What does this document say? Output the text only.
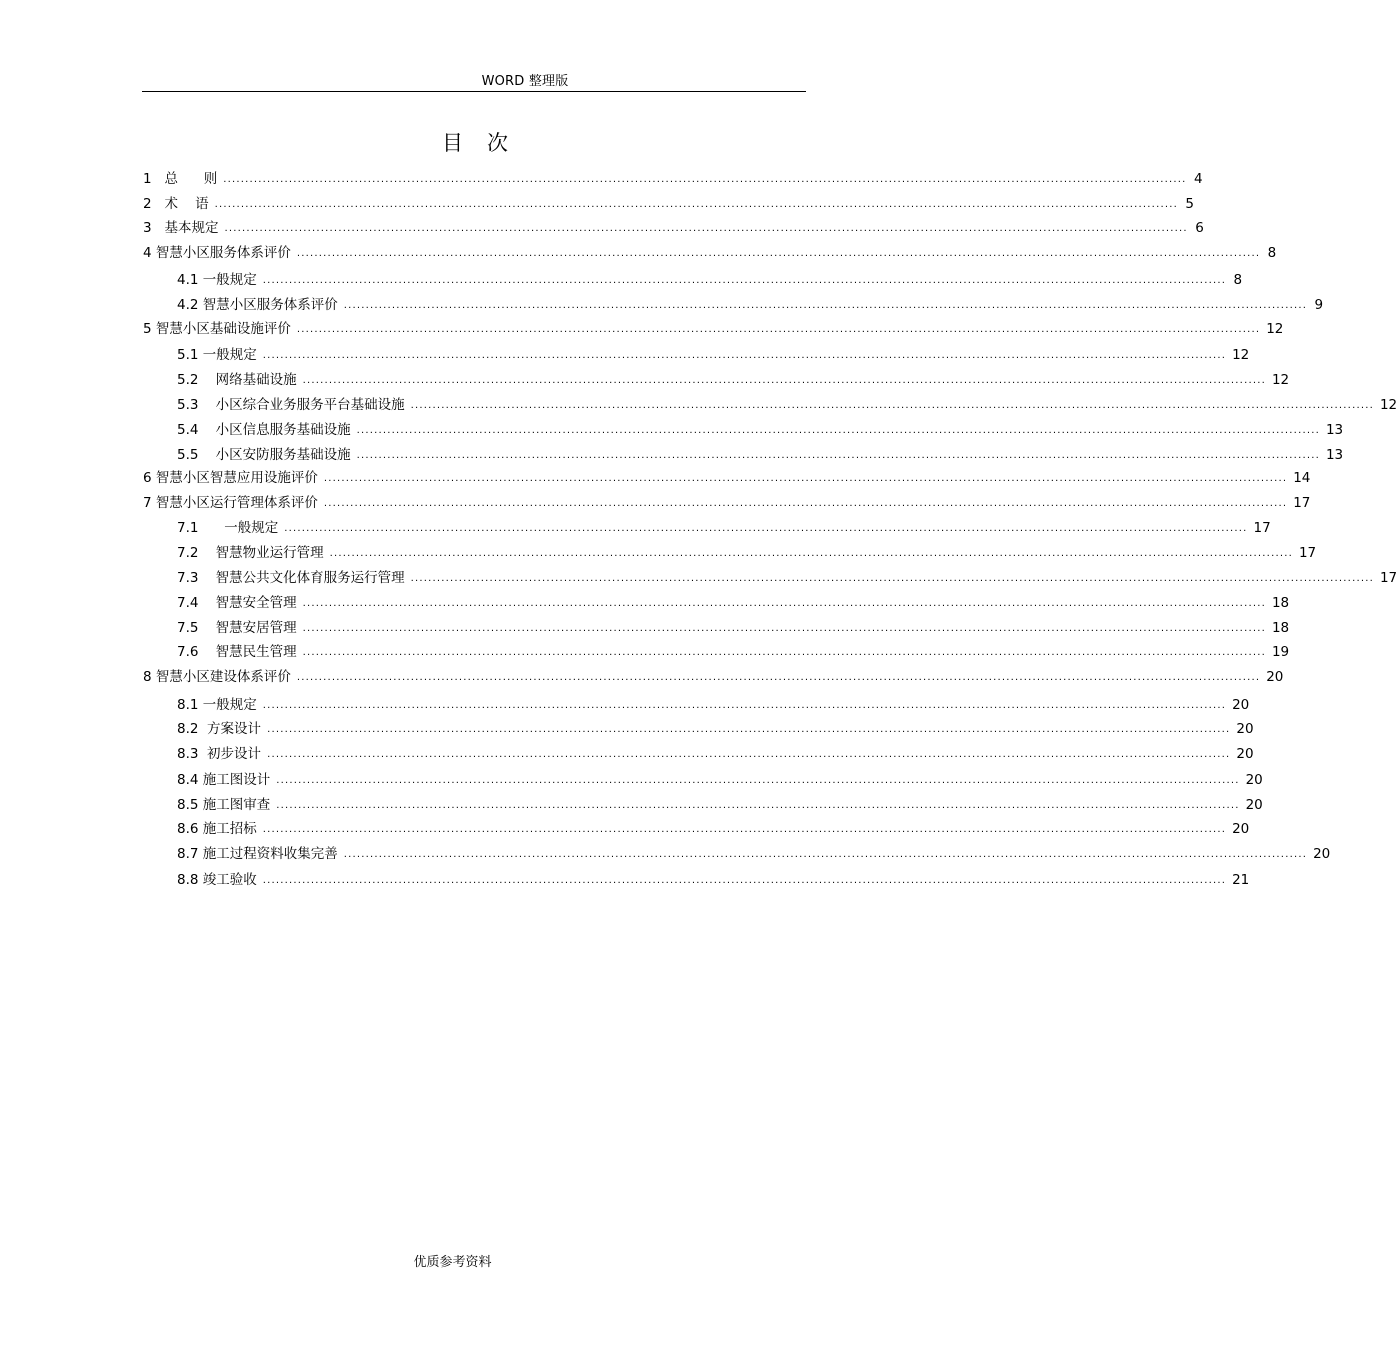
WORD 整理版
目次
1   总      则 ............................................................................................................................................................................................................................ 4
2   术    语 ............................................................................................................................................................................................................................ 5
3   基本规定 ............................................................................................................................................................................................................................ 6
4 智慧小区服务体系评价 ............................................................................................................................................................................................................................ 8
4.1 一般规定 ............................................................................................................................................................................................................................ 8
4.2 智慧小区服务体系评价 ............................................................................................................................................................................................................................ 9
5 智慧小区基础设施评价 ............................................................................................................................................................................................................................ 12
5.1 一般规定 ............................................................................................................................................................................................................................ 12
5.2    网络基础设施 ............................................................................................................................................................................................................................ 12
5.3    小区综合业务服务平台基础设施 ............................................................................................................................................................................................................................ 12
5.4    小区信息服务基础设施 ............................................................................................................................................................................................................................ 13
5.5    小区安防服务基础设施 ............................................................................................................................................................................................................................ 13
6 智慧小区智慧应用设施评价 ............................................................................................................................................................................................................................ 14
7 智慧小区运行管理体系评价 ............................................................................................................................................................................................................................ 17
7.1      一般规定 ............................................................................................................................................................................................................................ 17
7.2    智慧物业运行管理 ............................................................................................................................................................................................................................ 17
7.3    智慧公共文化体育服务运行管理 ............................................................................................................................................................................................................................ 17
7.4    智慧安全管理 ............................................................................................................................................................................................................................ 18
7.5    智慧安居管理 ............................................................................................................................................................................................................................ 18
7.6    智慧民生管理 ............................................................................................................................................................................................................................ 19
8 智慧小区建设体系评价 ............................................................................................................................................................................................................................ 20
8.1 一般规定 ............................................................................................................................................................................................................................ 20
8.2  方案设计 ............................................................................................................................................................................................................................ 20
8.3  初步设计 ............................................................................................................................................................................................................................ 20
8.4 施工图设计 ............................................................................................................................................................................................................................ 20
8.5 施工图审查 ............................................................................................................................................................................................................................ 20
8.6 施工招标 ............................................................................................................................................................................................................................ 20
8.7 施工过程资料收集完善 ............................................................................................................................................................................................................................ 20
8.8 竣工验收 ............................................................................................................................................................................................................................ 21
优质参考资料
